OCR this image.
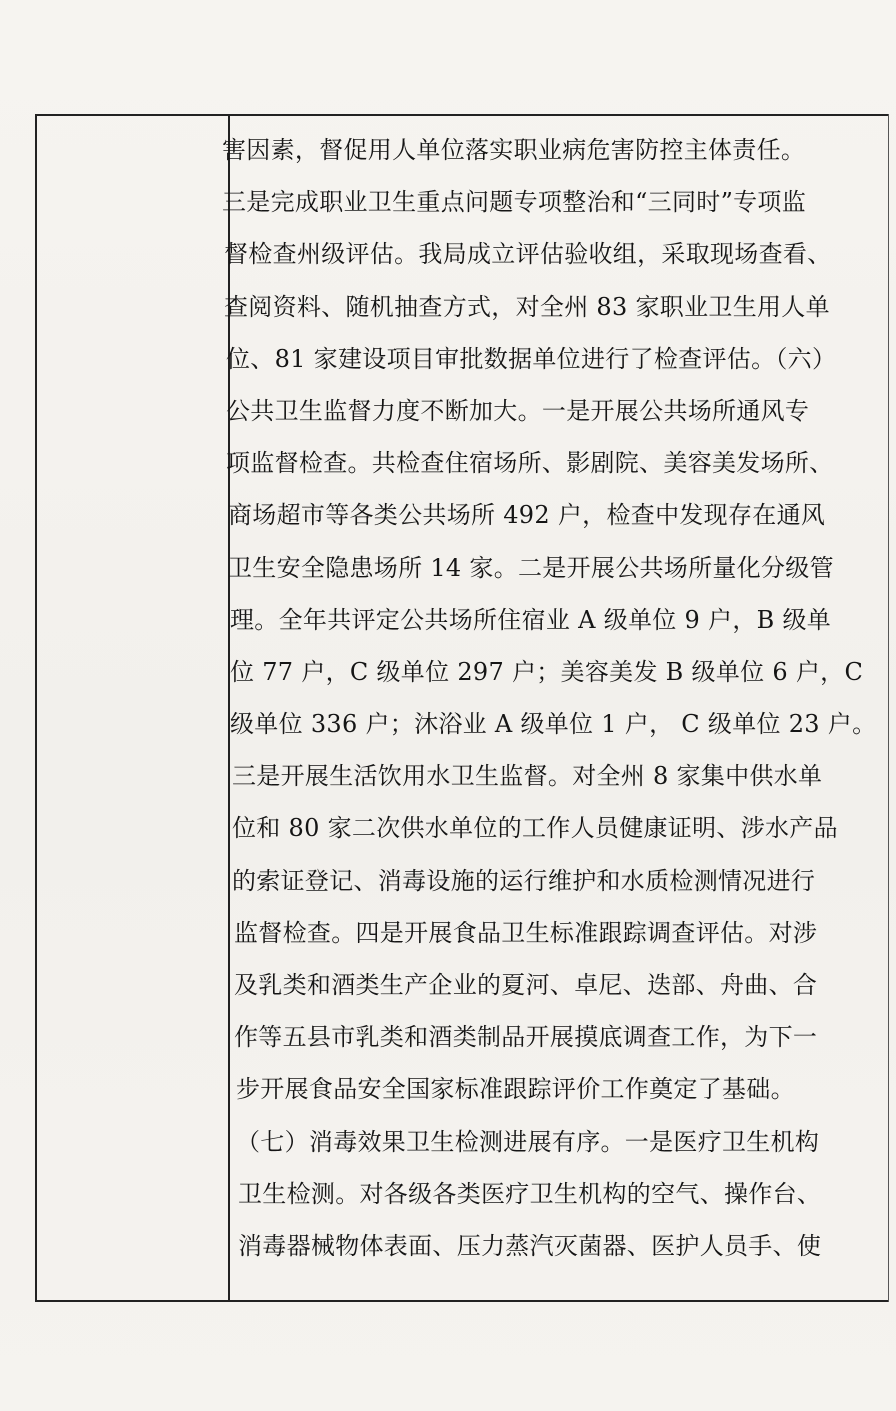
害因素，督促用人单位落实职业病危害防控主体责任。
三是完成职业卫生重点问题专项整治和“三同时”专项监
督检查州级评估。我局成立评估验收组，采取现场查看、
查阅资料、随机抽查方式，对全州 83 家职业卫生用人单
位、81 家建设项目审批数据单位进行了检查评估。（六）
公共卫生监督力度不断加大。一是开展公共场所通风专
项监督检查。共检查住宿场所、影剧院、美容美发场所、
商场超市等各类公共场所 492 户，检查中发现存在通风
卫生安全隐患场所 14 家。二是开展公共场所量化分级管
理。全年共评定公共场所住宿业 A 级单位 9 户，B 级单
位 77 户，C 级单位 297 户；美容美发 B 级单位 6 户，C
级单位 336 户；沐浴业 A 级单位 1 户， C 级单位 23 户。
三是开展生活饮用水卫生监督。对全州 8 家集中供水单
位和 80 家二次供水单位的工作人员健康证明、涉水产品
的索证登记、消毒设施的运行维护和水质检测情况进行
监督检查。四是开展食品卫生标准跟踪调查评估。对涉
及乳类和酒类生产企业的夏河、卓尼、迭部、舟曲、合
作等五县市乳类和酒类制品开展摸底调查工作，为下一
步开展食品安全国家标准跟踪评价工作奠定了基础。
（七）消毒效果卫生检测进展有序。一是医疗卫生机构
卫生检测。对各级各类医疗卫生机构的空气、操作台、
消毒器械物体表面、压力蒸汽灭菌器、医护人员手、使
